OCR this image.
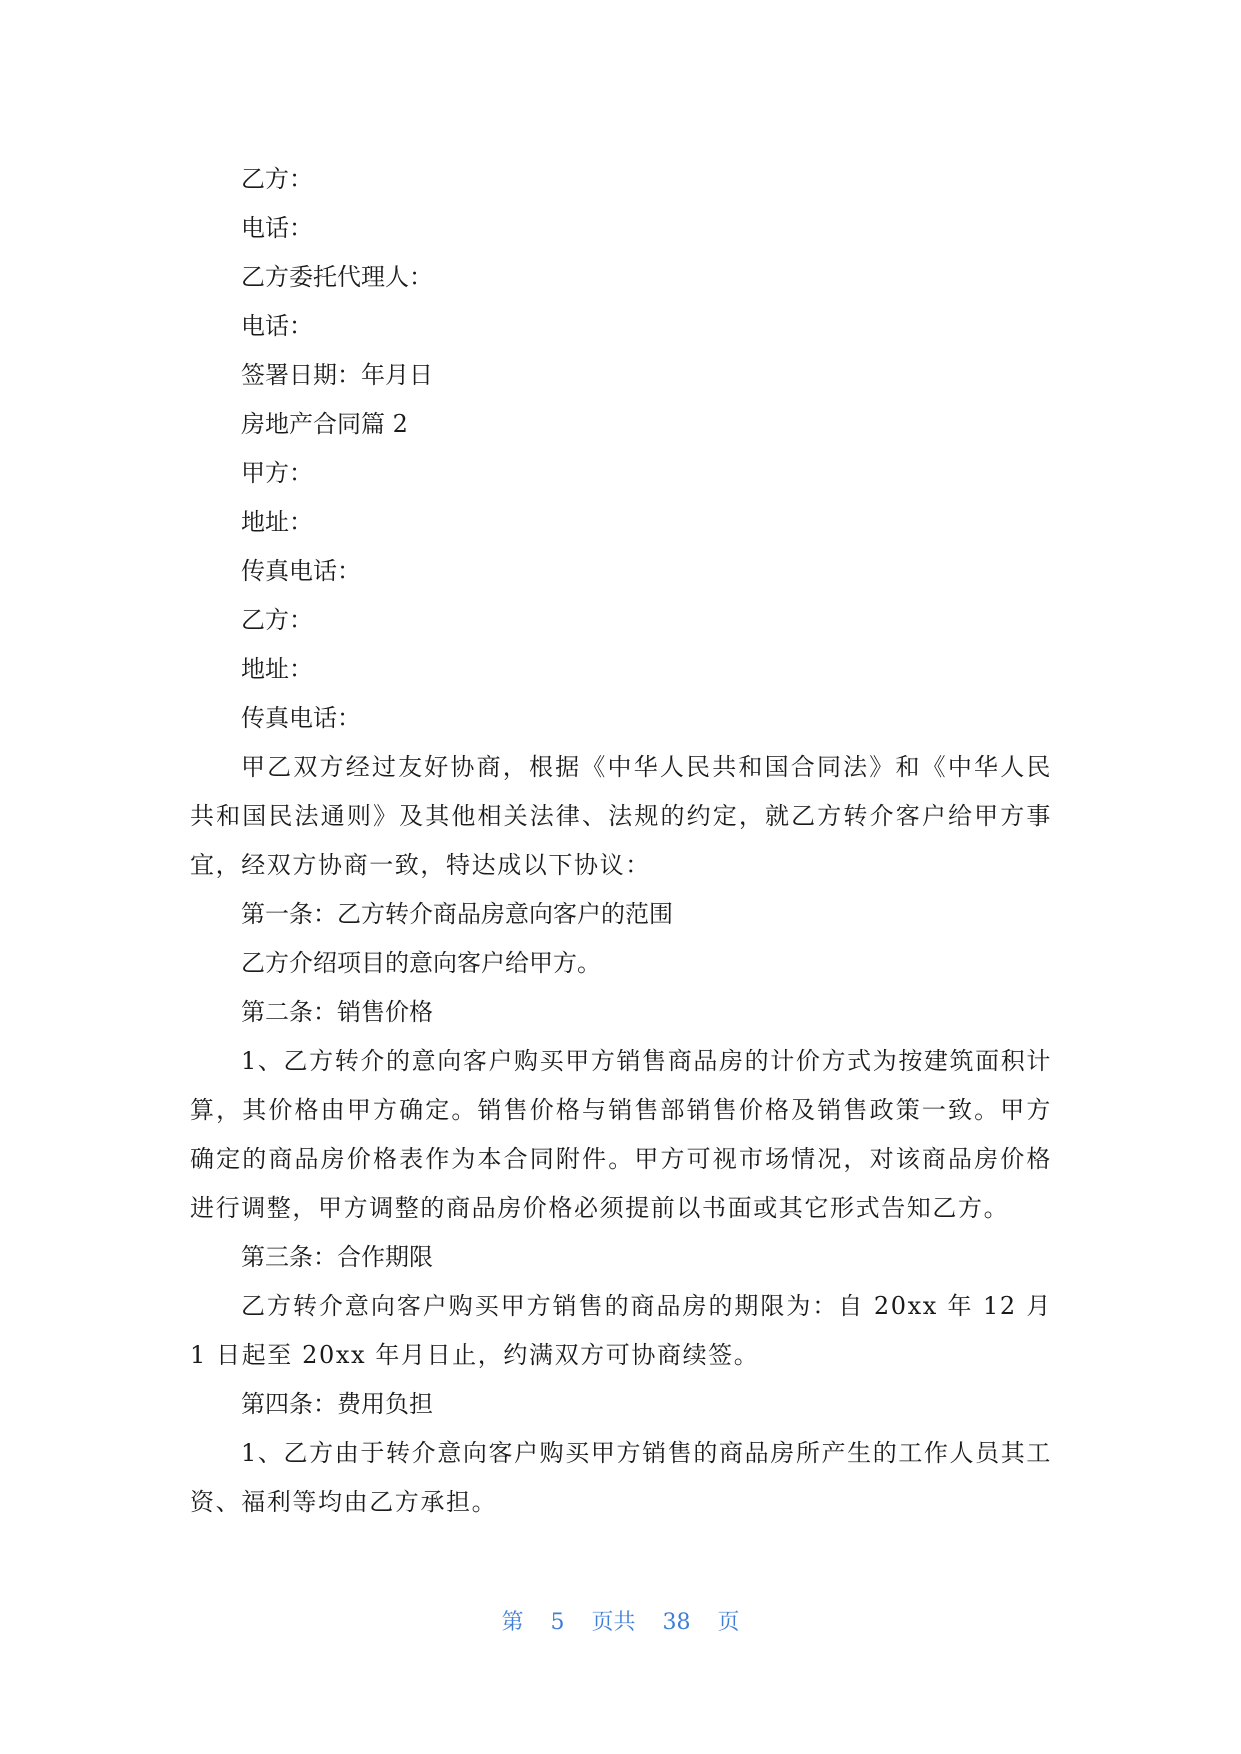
乙方：

电话：

乙方委托代理人：

电话：

签署日期：年月日

房地产合同篇 2

甲方：

地址：

传真电话：

乙方：

地址：

传真电话：

甲乙双方经过友好协商，根据《中华人民共和国合同法》和《中华人民共和国民法通则》及其他相关法律、法规的约定，就乙方转介客户给甲方事宜，经双方协商一致，特达成以下协议：

第一条：乙方转介商品房意向客户的范围

乙方介绍项目的意向客户给甲方。

第二条：销售价格

1、乙方转介的意向客户购买甲方销售商品房的计价方式为按建筑面积计算，其价格由甲方确定。销售价格与销售部销售价格及销售政策一致。甲方确定的商品房价格表作为本合同附件。甲方可视市场情况，对该商品房价格进行调整，甲方调整的商品房价格必须提前以书面或其它形式告知乙方。

第三条：合作期限

乙方转介意向客户购买甲方销售的商品房的期限为：自 20xx 年 12 月 1 日起至 20xx 年月日止，约满双方可协商续签。

第四条：费用负担

1、乙方由于转介意向客户购买甲方销售的商品房所产生的工作人员其工资、福利等均由乙方承担。

第 5 页共 38 页
